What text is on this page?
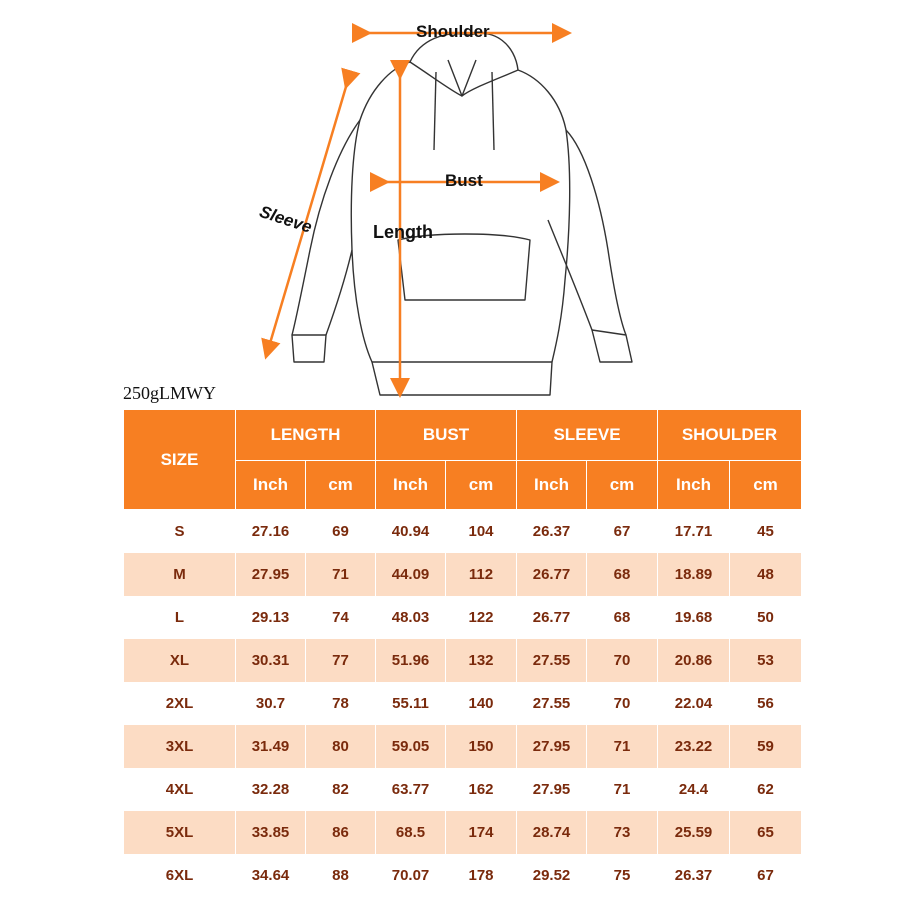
Shoulder
Bust
Length
Sleeve
250gLMWY
SIZE	LENGTH		BUST		SLEEVE		SHOULDER	
	Inch	cm	Inch	cm	Inch	cm	Inch	cm
S	27.16	69	40.94	104	26.37	67	17.71	45
M	27.95	71	44.09	112	26.77	68	18.89	48
L	29.13	74	48.03	122	26.77	68	19.68	50
XL	30.31	77	51.96	132	27.55	70	20.86	53
2XL	30.7	78	55.11	140	27.55	70	22.04	56
3XL	31.49	80	59.05	150	27.95	71	23.22	59
4XL	32.28	82	63.77	162	27.95	71	24.4	62
5XL	33.85	86	68.5	174	28.74	73	25.59	65
6XL	34.64	88	70.07	178	29.52	75	26.37	67
